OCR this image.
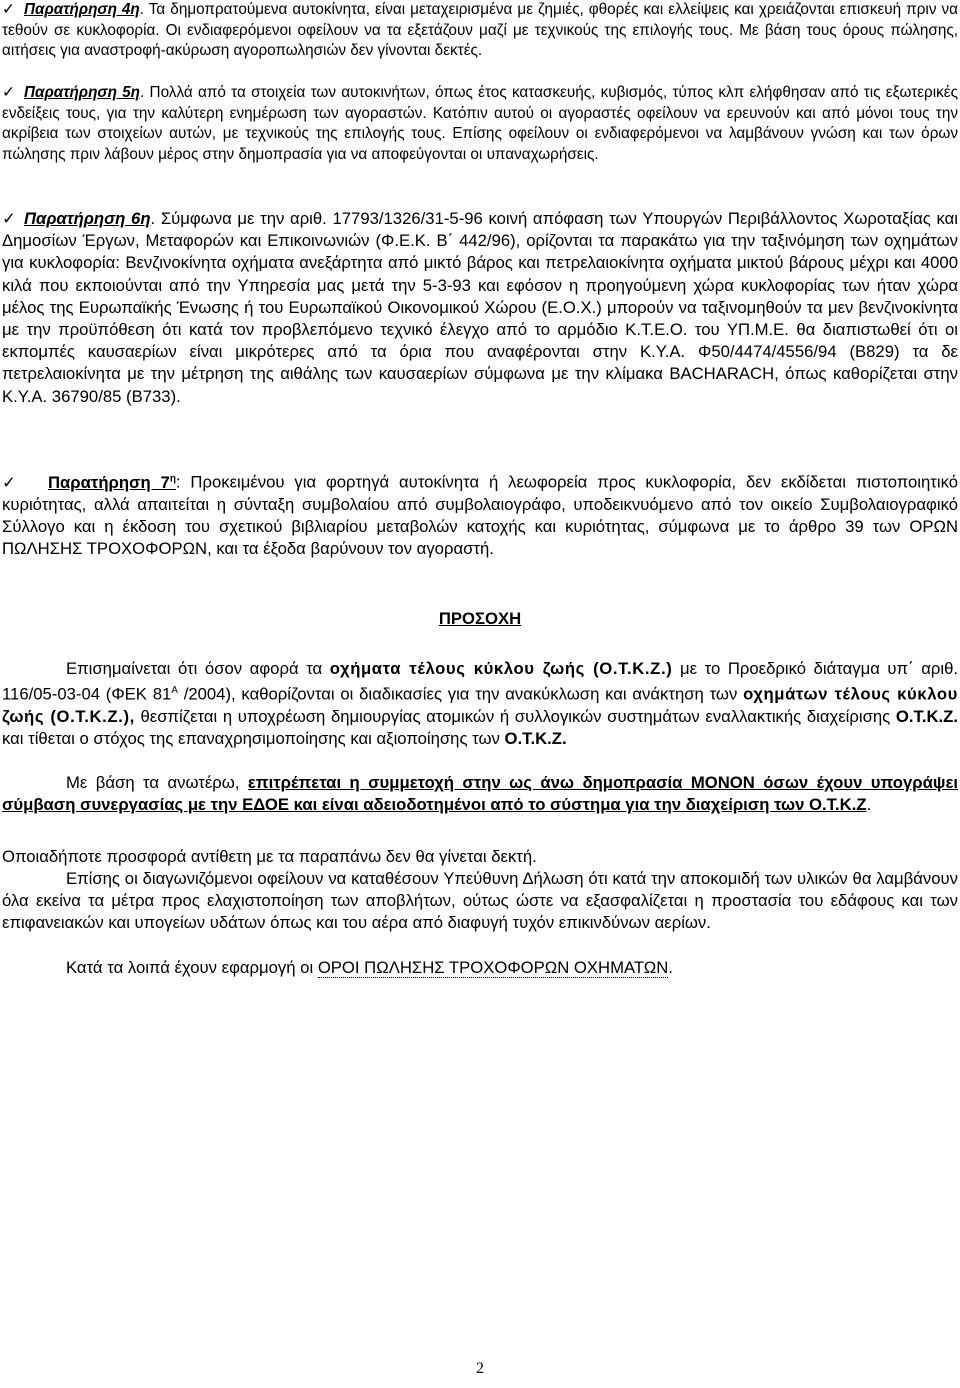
✓ Παρατήρηση 4η. Τα δημοπρατούμενα αυτοκίνητα, είναι μεταχειρισμένα με ζημιές, φθορές και ελλείψεις και χρειάζονται επισκευή πριν να τεθούν σε κυκλοφορία. Οι ενδιαφερόμενοι οφείλουν να τα εξετάζουν μαζί με τεχνικούς της επιλογής τους. Με βάση τους όρους πώλησης, αιτήσεις για αναστροφή-ακύρωση αγοροπωλησιών δεν γίνονται δεκτές.

✓ Παρατήρηση 5η. Πολλά από τα στοιχεία των αυτοκινήτων, όπως έτος κατασκευής, κυβισμός, τύπος κλπ ελήφθησαν από τις εξωτερικές ενδείξεις τους, για την καλύτερη ενημέρωση των αγοραστών. Κατόπιν αυτού οι αγοραστές οφείλουν να ερευνούν και από μόνοι τους την ακρίβεια των στοιχείων αυτών, με τεχνικούς της επιλογής τους. Επίσης οφείλουν οι ενδιαφερόμενοι να λαμβάνουν γνώση και των όρων πώλησης πριν λάβουν μέρος στην δημοπρασία για να αποφεύγονται οι υπαναχωρήσεις.

✓ Παρατήρηση 6η. Σύμφωνα με την αριθ. 17793/1326/31-5-96 κοινή απόφαση των Υπουργών Περιβάλλοντος Χωροταξίας και Δημοσίων Έργων, Μεταφορών και Επικοινωνιών (Φ.Ε.Κ. Β΄ 442/96), ορίζονται τα παρακάτω για την ταξινόμηση των οχημάτων για κυκλοφορία: Βενζινοκίνητα οχήματα ανεξάρτητα από μικτό βάρος και πετρελαιοκίνητα οχήματα μικτού βάρους μέχρι και 4000 κιλά που εκποιούνται από την Υπηρεσία μας μετά την 5-3-93 και εφόσον η προηγούμενη χώρα κυκλοφορίας των ήταν χώρα μέλος της Ευρωπαϊκής Ένωσης ή του Ευρωπαϊκού Οικονομικού Χώρου (Ε.Ο.Χ.) μπορούν να ταξινομηθούν τα μεν βενζινοκίνητα με την προϋπόθεση ότι κατά τον προβλεπόμενο τεχνικό έλεγχο από το αρμόδιο Κ.Τ.Ε.Ο. του ΥΠ.Μ.Ε. θα διαπιστωθεί ότι οι εκπομπές καυσαερίων είναι μικρότερες από τα όρια που αναφέρονται στην Κ.Υ.Α. Φ50/4474/4556/94 (Β829) τα δε πετρελαιοκίνητα με την μέτρηση της αιθάλης των καυσαερίων σύμφωνα με την κλίμακα BACHARACH, όπως καθορίζεται στην Κ.Υ.Α. 36790/85 (Β733).

✓ Παρατήρηση $7^\eta$: Προκειμένου για φορτηγά αυτοκίνητα ή λεωφορεία προς κυκλοφορία, δεν εκδίδεται πιστοποιητικό κυριότητας, αλλά απαιτείται η σύνταξη συμβολαίου από συμβολαιογράφο, υποδεικνυόμενο από τον οικείο Συμβολαιογραφικό Σύλλογο και η έκδοση του σχετικού βιβλιαρίου μεταβολών κατοχής και κυριότητας, σύμφωνα με το άρθρο 39 των ΟΡΩΝ ΠΩΛΗΣΗΣ ΤΡΟΧΟΦΟΡΩΝ, και τα έξοδα βαρύνουν τον αγοραστή.

ΠΡΟΣΟΧΗ

Επισημαίνεται ότι όσον αφορά τα οχήματα τέλους κύκλου ζωής (Ο.Τ.Κ.Ζ.) με το Προεδρικό διάταγμα υπ΄ αριθ. 116/05-03-04 (ΦΕΚ $81^A$ /2004), καθορίζονται οι διαδικασίες για την ανακύκλωση και ανάκτηση των οχημάτων τέλους κύκλου ζωής (Ο.Τ.Κ.Ζ.), θεσπίζεται η υποχρέωση δημιουργίας ατομικών ή συλλογικών συστημάτων εναλλακτικής διαχείρισης Ο.Τ.Κ.Ζ. και τίθεται ο στόχος της επαναχρησιμοποίησης και αξιοποίησης των Ο.Τ.Κ.Ζ.

Με βάση τα ανωτέρω, επιτρέπεται η συμμετοχή στην ως άνω δημοπρασία ΜΟΝΟΝ όσων έχουν υπογράψει σύμβαση συνεργασίας με την ΕΔΟΕ και είναι αδειοδοτημένοι από το σύστημα για την διαχείριση των Ο.Τ.Κ.Ζ.

Οποιαδήποτε προσφορά αντίθετη με τα παραπάνω δεν θα γίνεται δεκτή.

Επίσης οι διαγωνιζόμενοι οφείλουν να καταθέσουν Υπεύθυνη Δήλωση ότι κατά την αποκομιδή των υλικών θα λαμβάνουν όλα εκείνα τα μέτρα προς ελαχιστοποίηση των αποβλήτων, ούτως ώστε να εξασφαλίζεται η προστασία του εδάφους και των επιφανειακών και υπογείων υδάτων όπως και του αέρα από διαφυγή τυχόν επικινδύνων αερίων.

Κατά τα λοιπά έχουν εφαρμογή οι ΟΡΟΙ ΠΩΛΗΣΗΣ ΤΡΟΧΟΦΟΡΩΝ ΟΧΗΜΑΤΩΝ.

2
